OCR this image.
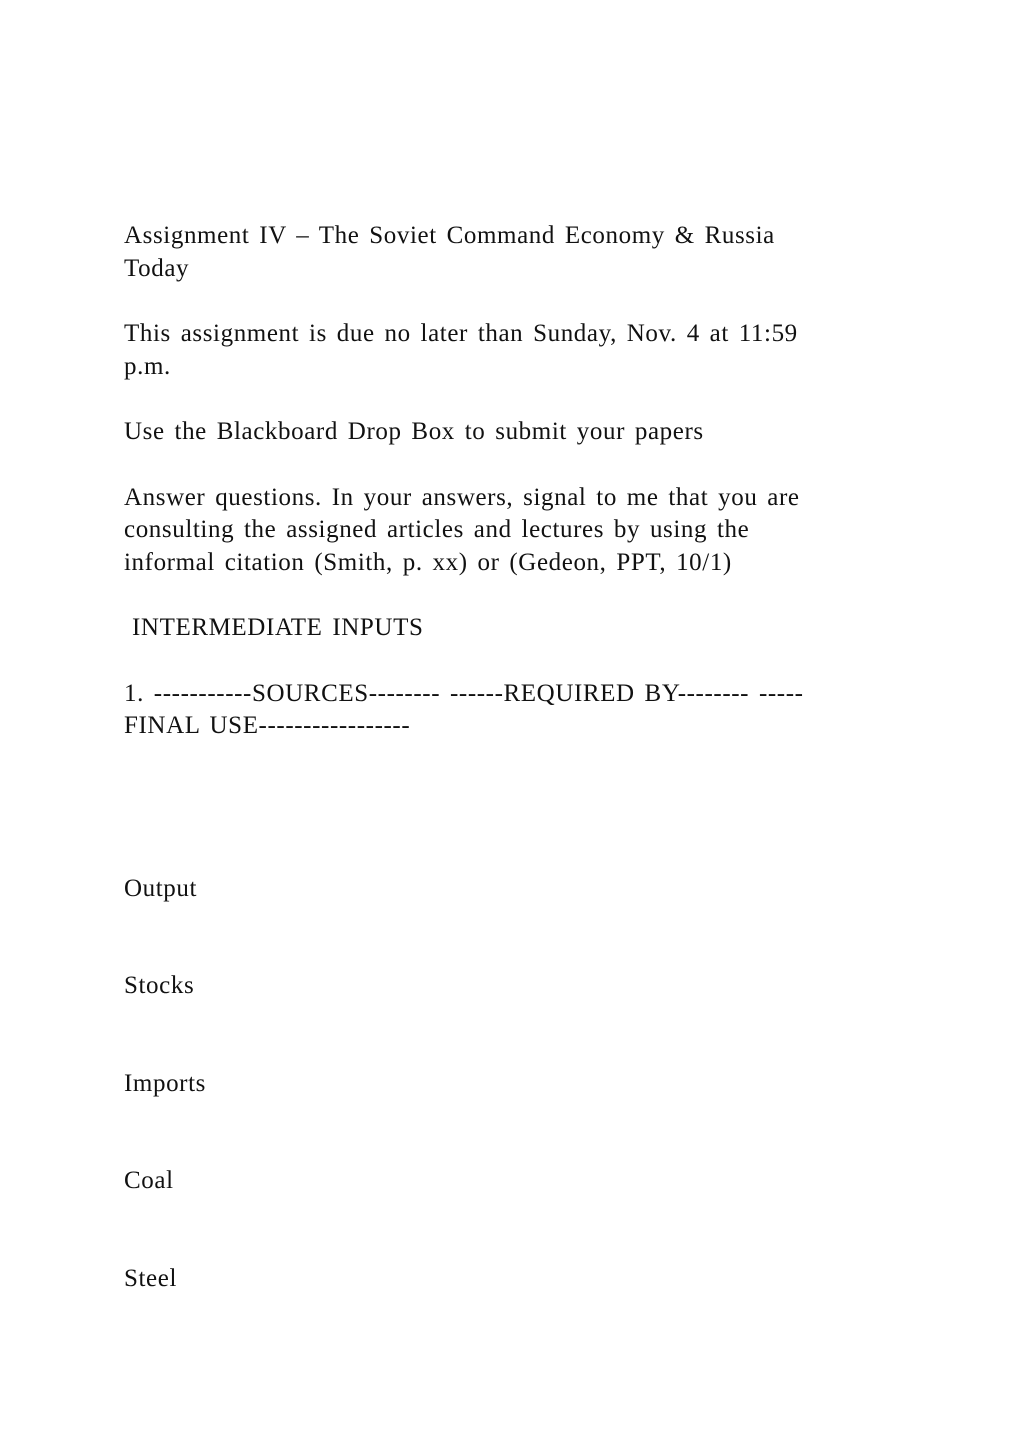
Assignment IV – The Soviet Command Economy & Russia
Today

This assignment is due no later than Sunday, Nov. 4 at 11:59
p.m.

Use the Blackboard Drop Box to submit your papers

Answer questions. In your answers, signal to me that you are
consulting the assigned articles and lectures by using the
informal citation (Smith, p. xx) or (Gedeon, PPT, 10/1)

INTERMEDIATE INPUTS

1. -----------SOURCES-------- ------REQUIRED BY-------- -----
FINAL USE-----------------

Output

Stocks

Imports

Coal

Steel
